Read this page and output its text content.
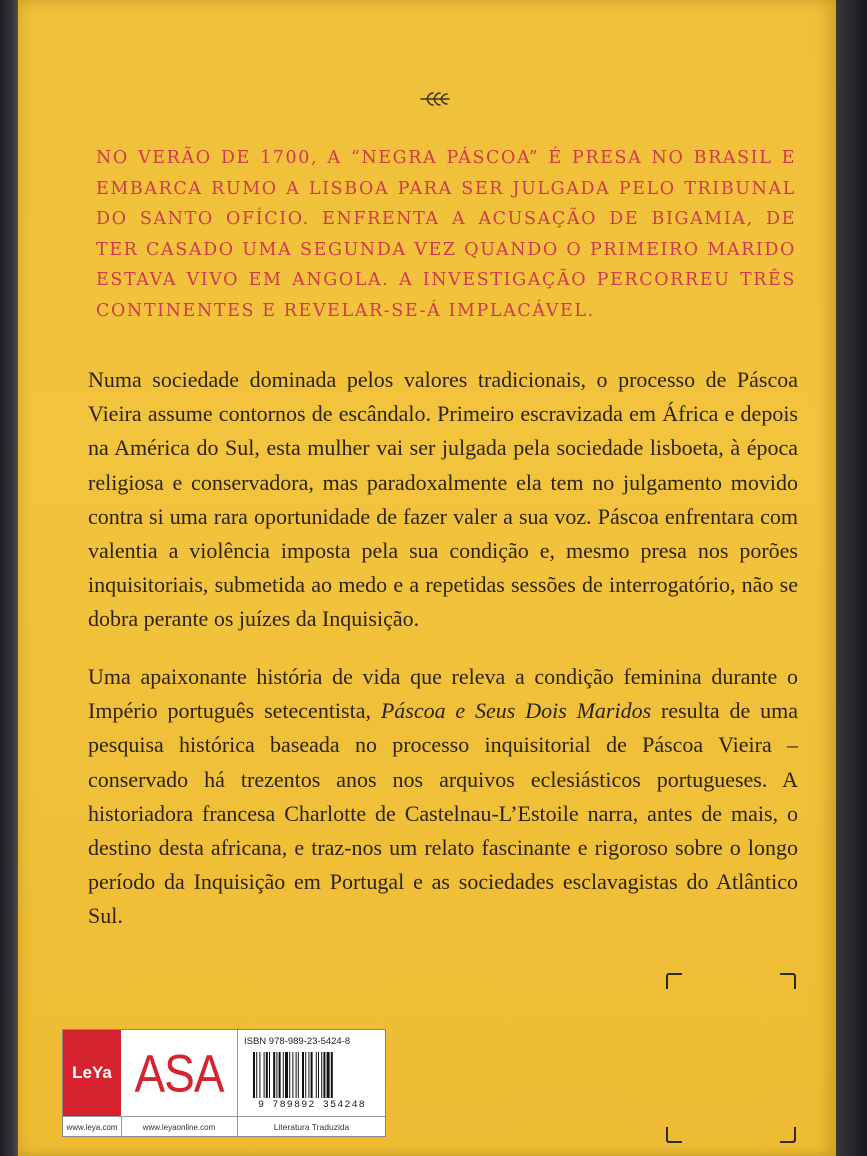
NO VERÃO DE 1700, A “NEGRA PÁSCOA” É PRESA NO BRASIL E EMBARCA RUMO A LISBOA PARA SER JULGADA PELO TRIBUNAL DO SANTO OFÍCIO. ENFRENTA A ACUSAÇÃO DE BIGAMIA, DE TER CASADO UMA SEGUNDA VEZ QUANDO O PRIMEIRO MARIDO ESTAVA VIVO EM ANGOLA. A INVESTIGAÇÃO PERCORREU TRÊS CONTINENTES E REVELAR-SE-Á IMPLACÁVEL.

Numa sociedade dominada pelos valores tradicionais, o processo de Páscoa Vieira assume contornos de escândalo. Primeiro escravizada em África e depois na América do Sul, esta mulher vai ser julgada pela sociedade lisboeta, à época religiosa e conservadora, mas paradoxalmente ela tem no julgamento movido contra si uma rara oportunidade de fazer valer a sua voz. Páscoa enfrentara com valentia a violência imposta pela sua condição e, mesmo presa nos porões inquisitoriais, submetida ao medo e a repetidas sessões de interrogatório, não se dobra perante os juízes da Inquisição.

Uma apaixonante história de vida que releva a condição feminina durante o Império português setecentista, Páscoa e Seus Dois Maridos resulta de uma pesquisa histórica baseada no processo inquisitorial de Páscoa Vieira – conservado há trezentos anos nos arquivos eclesiásticos portugueses. A historiadora francesa Charlotte de Castelnau-L’Estoile narra, antes de mais, o destino desta africana, e traz-nos um relato fascinante e rigoroso sobre o longo período da Inquisição em Portugal e as sociedades esclavagistas do Atlântico Sul.

LeYa ASA
ISBN 978-989-23-5424-8
9 789892 354248
www.leya.com	www.leyaonline.com	Literatura Traduzida
